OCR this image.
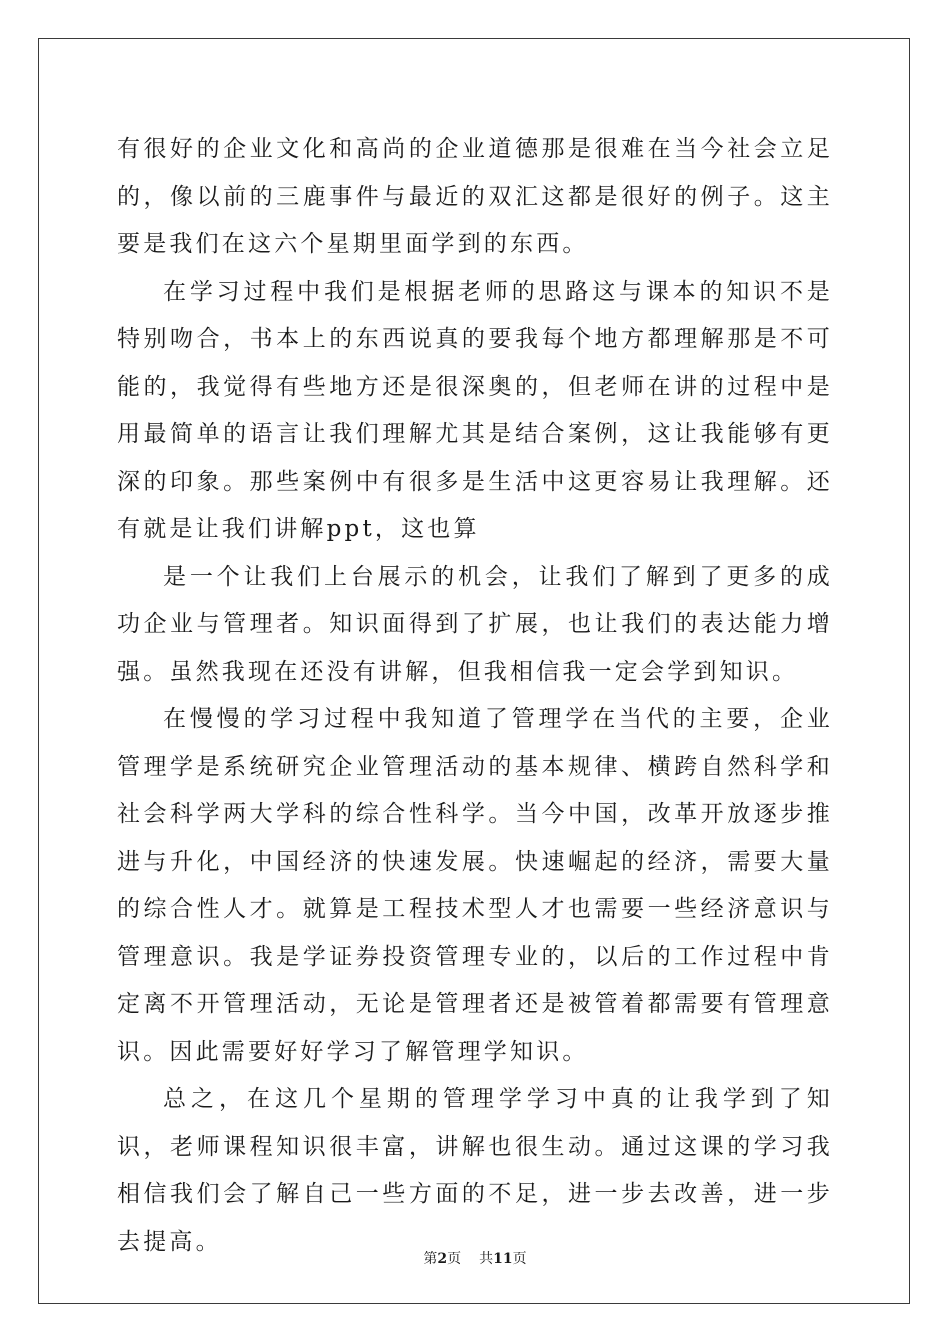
有很好的企业文化和高尚的企业道德那是很难在当今社会立足的，像以前的三鹿事件与最近的双汇这都是很好的例子。这主要是我们在这六个星期里面学到的东西。

在学习过程中我们是根据老师的思路这与课本的知识不是特别吻合，书本上的东西说真的要我每个地方都理解那是不可能的，我觉得有些地方还是很深奥的，但老师在讲的过程中是用最简单的语言让我们理解尤其是结合案例，这让我能够有更深的印象。那些案例中有很多是生活中这更容易让我理解。还有就是让我们讲解ppt，这也算

是一个让我们上台展示的机会，让我们了解到了更多的成功企业与管理者。知识面得到了扩展，也让我们的表达能力增强。虽然我现在还没有讲解，但我相信我一定会学到知识。

在慢慢的学习过程中我知道了管理学在当代的主要，企业管理学是系统研究企业管理活动的基本规律、横跨自然科学和社会科学两大学科的综合性科学。当今中国，改革开放逐步推进与升化，中国经济的快速发展。快速崛起的经济，需要大量的综合性人才。就算是工程技术型人才也需要一些经济意识与管理意识。我是学证券投资管理专业的，以后的工作过程中肯定离不开管理活动，无论是管理者还是被管着都需要有管理意识。因此需要好好学习了解管理学知识。

总之，在这几个星期的管理学学习中真的让我学到了知识，老师课程知识很丰富，讲解也很生动。通过这课的学习我相信我们会了解自己一些方面的不足，进一步去改善，进一步去提高。

第2页 共11页
